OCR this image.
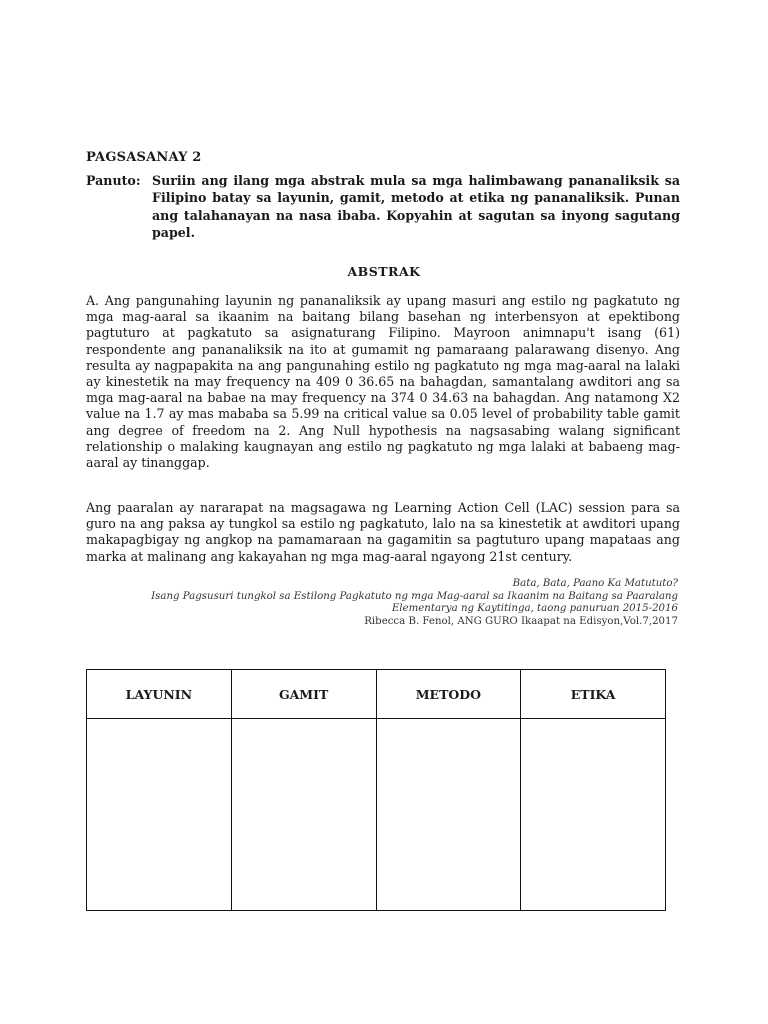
PAGSASANAY 2
Panuto: Suriin ang ilang mga abstrak mula sa mga halimbawang pananaliksik sa Filipino batay sa layunin, gamit, metodo at etika ng pananaliksik. Punan ang talahanayan na nasa ibaba. Kopyahin at sagutan sa inyong sagutang papel.
ABSTRAK
A. Ang pangunahing layunin ng pananaliksik ay upang masuri ang estilo ng pagkatuto ng mga mag-aaral sa ikaanim na baitang bilang basehan ng interbensyon at epektibong pagtuturo at pagkatuto sa asignaturang Filipino. Mayroon animnapu't isang (61) respondente ang pananaliksik na ito at gumamit ng pamaraang palarawang disenyo. Ang resulta ay nagpapakita na ang pangunahing estilo ng pagkatuto ng mga mag-aaral na lalaki ay kinestetik na may frequency na 409 0 36.65 na bahagdan, samantalang awditori ang sa mga mag-aaral na babae na may frequency na 374 0 34.63 na bahagdan. Ang natamong X2 value na 1.7 ay mas mababa sa 5.99 na critical value sa 0.05 level of probability table gamit ang degree of freedom na 2. Ang Null hypothesis na nagsasabing walang significant relationship o malaking kaugnayan ang estilo ng pagkatuto ng mga lalaki at babaeng mag-aaral ay tinanggap.
Ang paaralan ay nararapat na magsagawa ng Learning Action Cell (LAC) session para sa guro na ang paksa ay tungkol sa estilo ng pagkatuto, lalo na sa kinestetik at awditori upang makapagbigay ng angkop na pamamaraan na gagamitin sa pagtuturo upang mapataas ang marka at malinang ang kakayahan ng mga mag-aaral ngayong 21st century.
Bata, Bata, Paano Ka Matututo?
Isang Pagsusuri tungkol sa Estilong Pagkatuto ng mga Mag-aaral sa Ikaanim na Baitang sa Paaralang
Elementarya ng Kaytitinga, taong panuruan 2015-2016
Ribecca B. Fenol, ANG GURO Ikaapat na Edisyon,Vol.7,2017
LAYUNIN	GAMIT	METODO	ETIKA
